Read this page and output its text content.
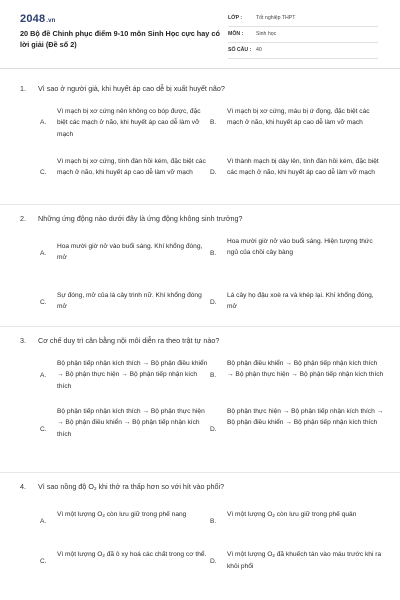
2048.vn
20 Bộ đề Chinh phục điểm 9-10 môn Sinh Học cực hay có lời giải (Đề số 2)
LỚP :	Tốt nghiệp THPT
MÔN : Sinh học
SỐ CÂU : 40
1. Vì sao ở người già, khi huyết áp cao dễ bị xuất huyết não?
A.
Vì mạch bị xơ cứng nên không co bóp được, đặc biệt các mạch ở não, khi huyết áp cao dễ làm vỡ mạch
B.
Vì mạch bị xơ cứng, máu bị ứ đọng, đặc biệt các mạch ở não, khi huyết áp cao dễ làm vỡ mạch
C.
Vì mạch bị xơ cứng, tính đàn hồi kém, đặc biệt các mạch ở não, khi huyết áp cao dễ làm vỡ mạch	D.
Vì thành mạch bị dày lên, tính đàn hồi kém, đặc biệt các mạch ở não, khi huyết áp cao dễ làm vỡ mạch
2. Những ứng động nào dưới đây là ứng động không sinh trưởng?
A.
Hoa mười giờ nở vào buổi sáng. Khí khổng đóng, mở
B.
Hoa mười giờ nở vào buổi sáng. Hiện tượng thức ngủ của chồi cây bàng
C.
Sự đóng, mở của lá cây trinh nữ. Khí khổng đóng mở
D.
Lá cây họ đậu xoè ra và khép lại. Khí khổng đóng, mở
3. Cơ chế duy trì cân bằng nội môi diễn ra theo trật tự nào?
A.
Bộ phận tiếp nhận kích thích → Bộ phận điều khiển → Bộ phận thực hiện → Bộ phận tiếp nhận kích thích
B.
Bộ phận điều khiển → Bộ phận tiếp nhận kích thích → Bộ phận thực hiện → Bộ phận tiếp nhận kích thích
C.
Bộ phận tiếp nhận kích thích → Bộ phận thực hiện → Bộ phận điều khiển → Bộ phận tiếp nhận kích thích
D.
Bộ phận thực hiện → Bộ phận tiếp nhận kích thích → Bộ phận điều khiển → Bộ phận tiếp nhận kích thích
4. Vì sao nồng độ $O_2$ khi thở ra thấp hơn so với hít vào phổi?
A.
Vì một lượng $O_2$ còn lưu giữ trong phế nang
B.
Vì một lượng $O_2$ còn lưu giữ trong phế quản
C.
Vì một lượng $O_2$ đã ô xy hoá các chất trong cơ thể.
D.
Vì một lượng $O_2$ đã khuếch tán vào máu trước khi ra khỏi phổi
